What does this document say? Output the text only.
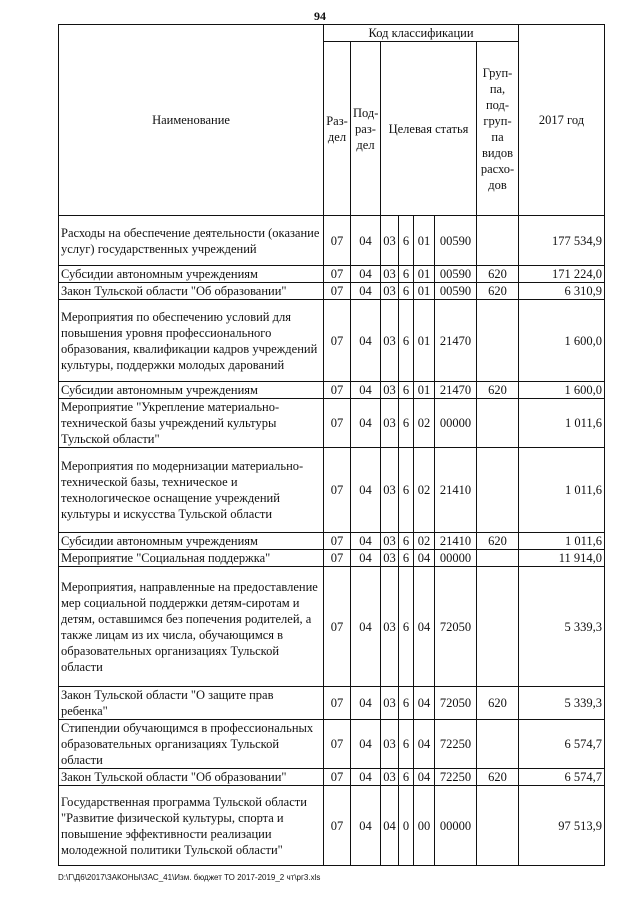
94
Наименование	Код классификации							2017 год
	Раз-дел	Под-раз-дел	Целевая статья				Груп-па, под-груп-па видов расхо-дов	
Расходы на обеспечение деятельности (оказание услуг) государственных учреждений	07	04	03	6	01	00590		177 534,9
Субсидии автономным учреждениям	07	04	03	6	01	00590	620	171 224,0
Закон Тульской области "Об образовании"	07	04	03	6	01	00590	620	6 310,9
Мероприятия по обеспечению условий для повышения уровня профессионального образования, квалификации кадров учреждений культуры, поддержки молодых дарований	07	04	03	6	01	21470		1 600,0
Субсидии автономным учреждениям	07	04	03	6	01	21470	620	1 600,0
Мероприятие "Укрепление материально-технической базы учреждений культуры Тульской области"	07	04	03	6	02	00000		1 011,6
Мероприятия по модернизации материально-технической базы, техническое и технологическое оснащение учреждений культуры и искусства Тульской области	07	04	03	6	02	21410		1 011,6
Субсидии автономным учреждениям	07	04	03	6	02	21410	620	1 011,6
Мероприятие "Социальная поддержка"	07	04	03	6	04	00000		11 914,0
Мероприятия, направленные на предоставление мер социальной поддержки детям-сиротам и детям, оставшимся без попечения родителей, а также лицам из их числа, обучающимся в образовательных организациях Тульской области	07	04	03	6	04	72050		5 339,3
Закон Тульской области "О защите прав ребенка"	07	04	03	6	04	72050	620	5 339,3
Стипендии обучающимся в профессиональных образовательных организациях Тульской области	07	04	03	6	04	72250		6 574,7
Закон Тульской области "Об образовании"	07	04	03	6	04	72250	620	6 574,7
Государственная программа Тульской области "Развитие физической культуры, спорта и повышение эффективности реализации молодежной политики Тульской области"	07	04	04	0	00	00000		97 513,9
D:\Г\Д6\2017\ЗАКОНЫ\ЗАС_41\Изм. бюджет ТО 2017-2019_2 чт\рг3.xls
